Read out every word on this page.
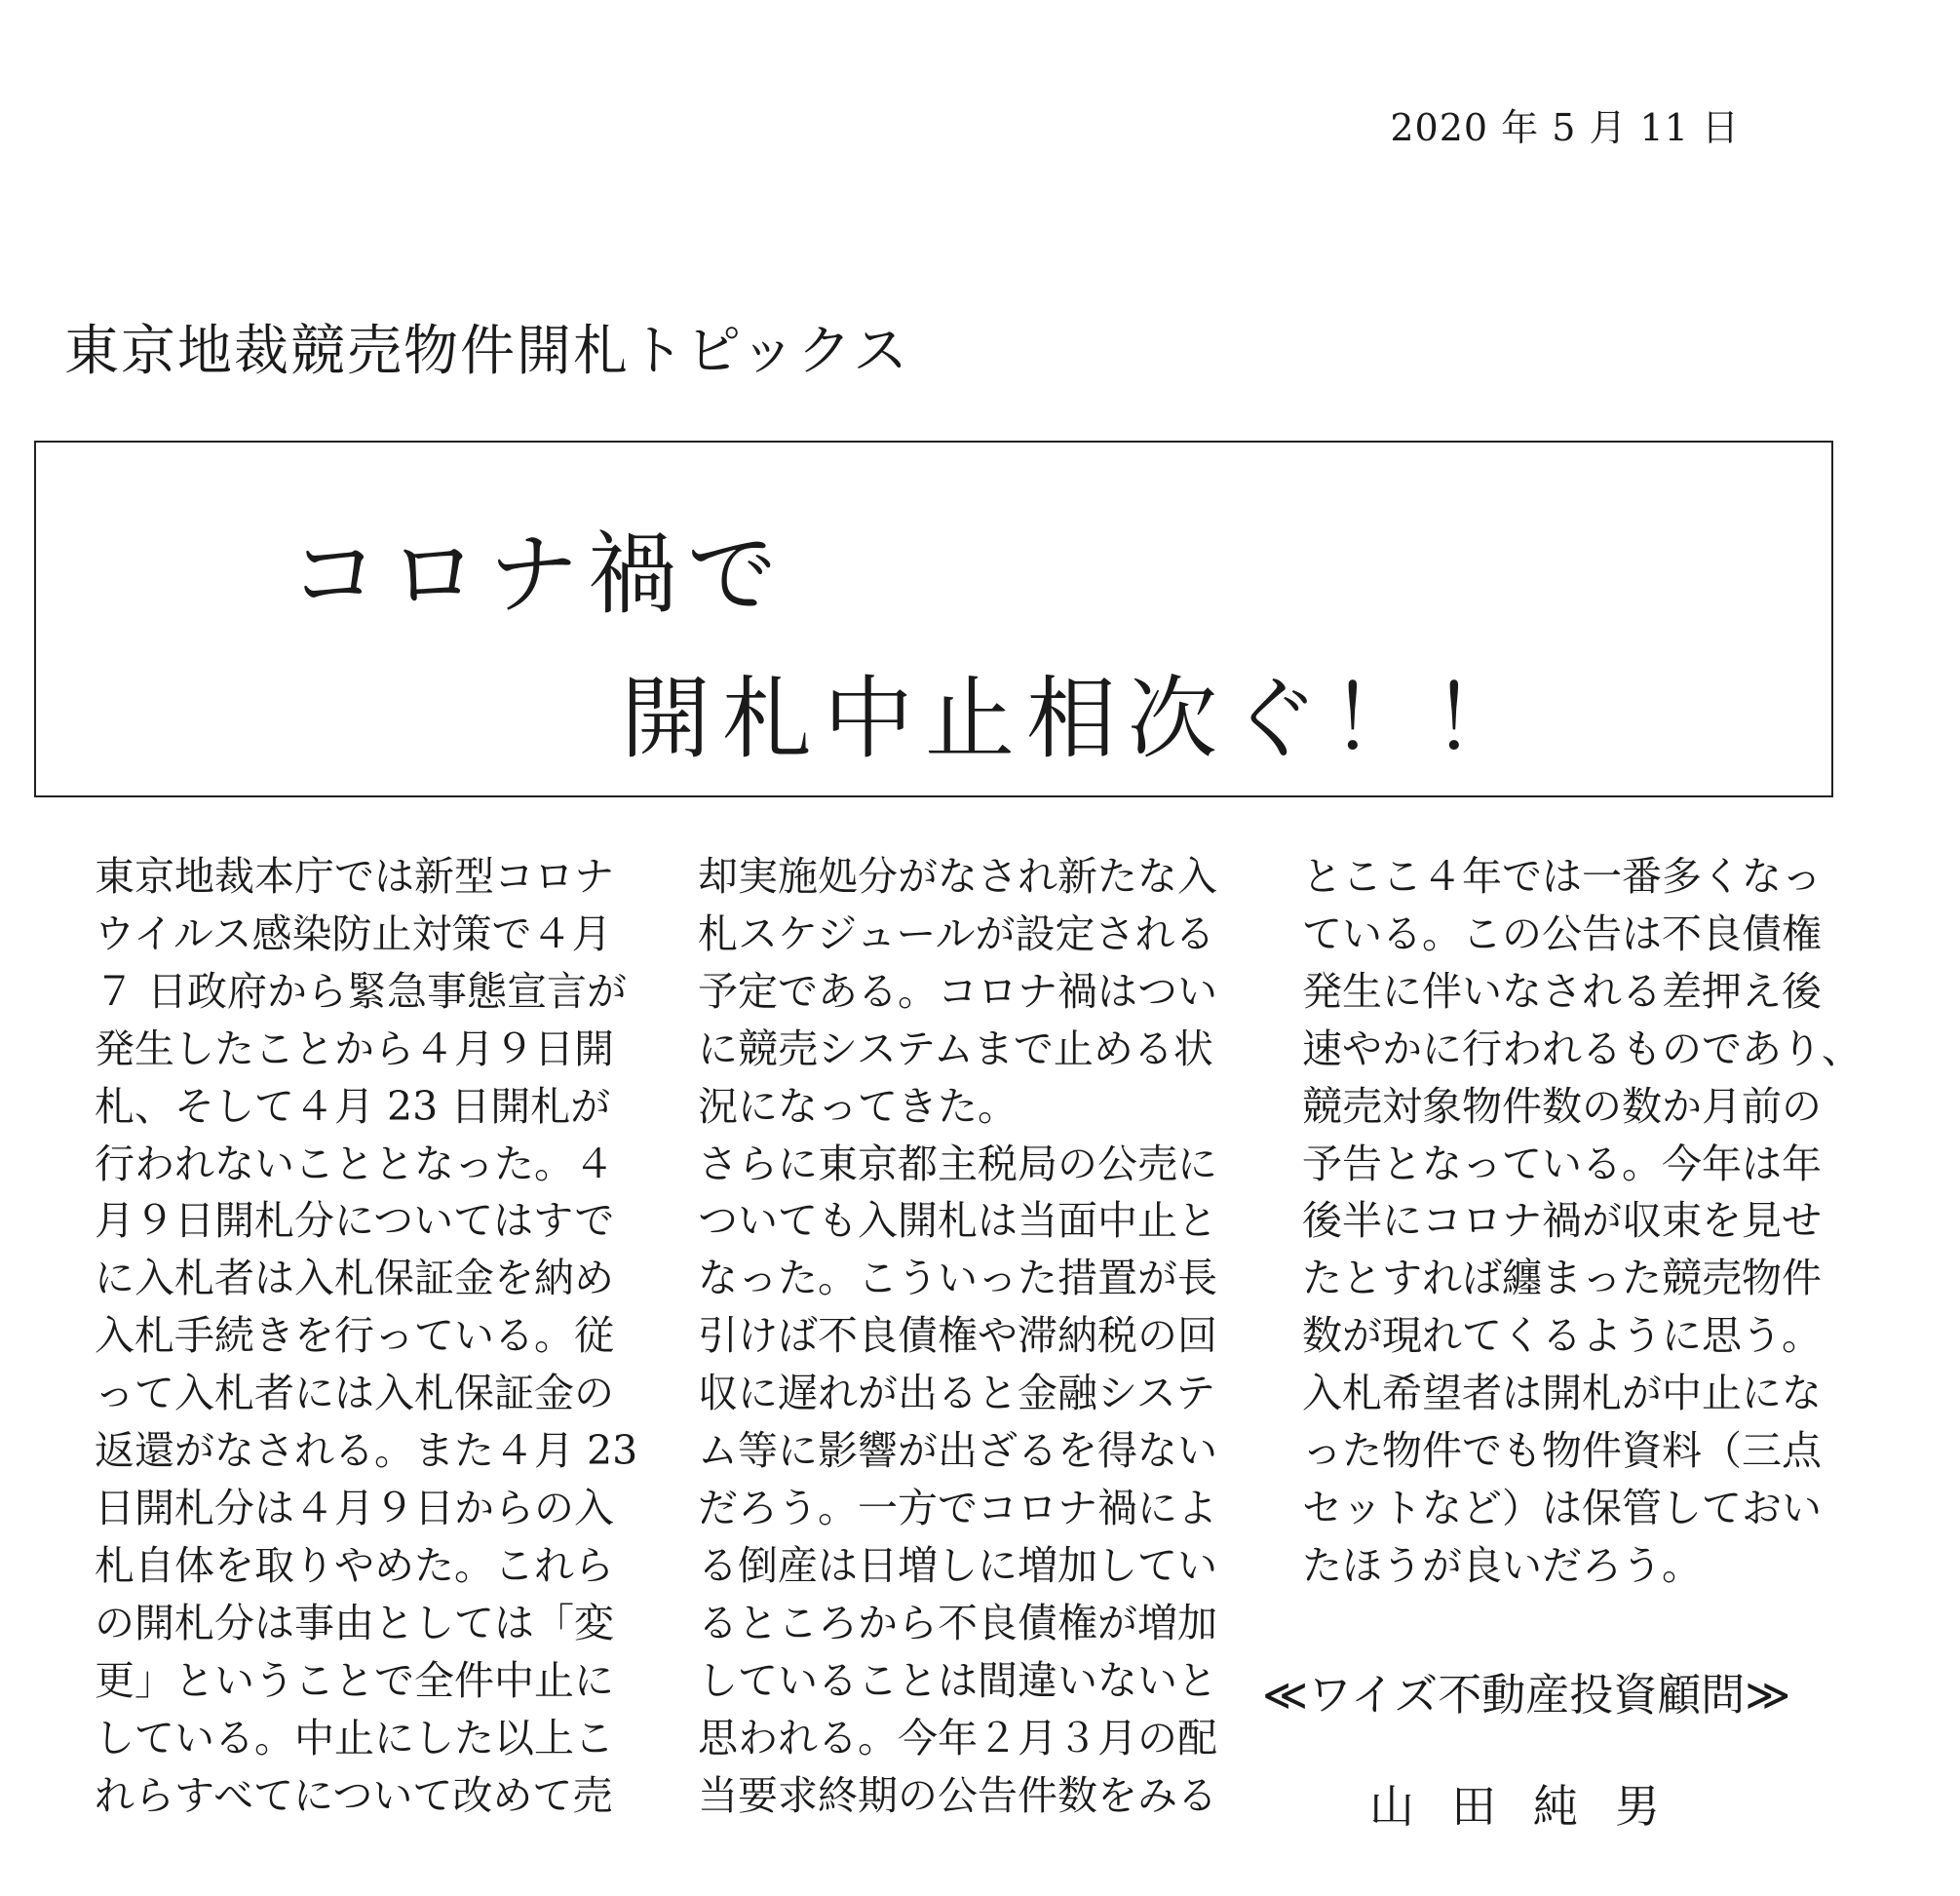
2020 年 5 月 11 日
東京地裁競売物件開札トピックス
コロナ禍で
開札中止相次ぐ！！
東京地裁本庁では新型コロナ
ウイルス感染防止対策で４月
７ 日政府から緊急事態宣言が
発生したことから４月９日開
札、そして４月 23 日開札が
行われないこととなった。４
月９日開札分についてはすで
に入札者は入札保証金を納め
入札手続きを行っている。従
って入札者には入札保証金の
返還がなされる。また４月 23
日開札分は４月９日からの入
札自体を取りやめた。これら
の開札分は事由としては「変
更」ということで全件中止に
している。中止にした以上こ
れらすべてについて改めて売
却実施処分がなされ新たな入
札スケジュールが設定される
予定である。コロナ禍はつい
に競売システムまで止める状
況になってきた。
さらに東京都主税局の公売に
ついても入開札は当面中止と
なった。こういった措置が長
引けば不良債権や滞納税の回
収に遅れが出ると金融システ
ム等に影響が出ざるを得ない
だろう。一方でコロナ禍によ
る倒産は日増しに増加してい
るところから不良債権が増加
していることは間違いないと
思われる。今年２月３月の配
当要求終期の公告件数をみる
とここ４年では一番多くなっ
ている。この公告は不良債権
発生に伴いなされる差押え後
速やかに行われるものであり、
競売対象物件数の数か月前の
予告となっている。今年は年
後半にコロナ禍が収束を見せ
たとすれば纏まった競売物件
数が現れてくるように思う。
入札希望者は開札が中止にな
った物件でも物件資料（三点
セットなど）は保管しておい
たほうが良いだろう。
≪ワイズ不動産投資顧問≫
山田純男
